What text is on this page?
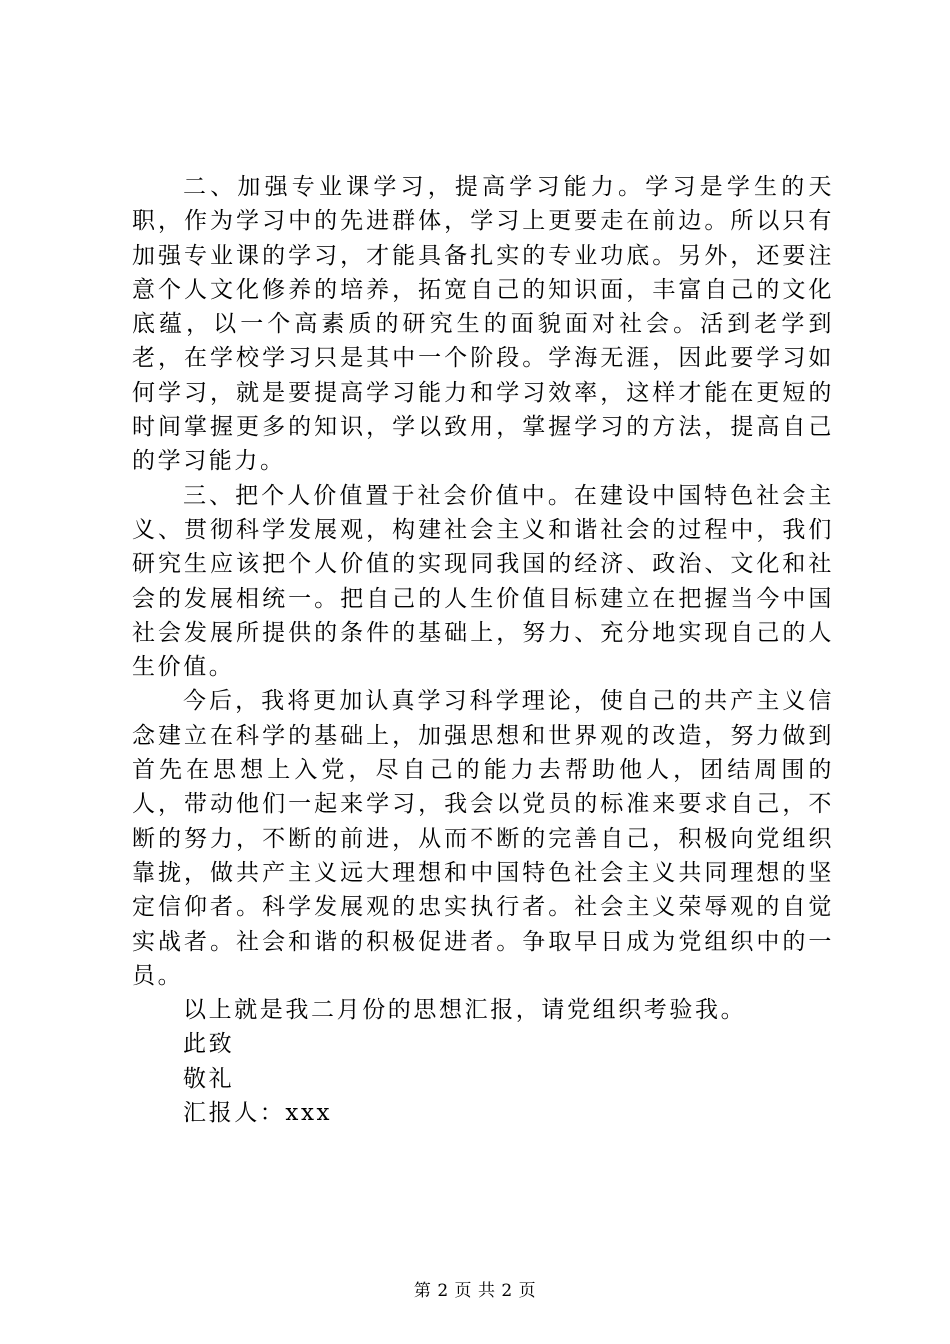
二、加强专业课学习，提高学习能力。学习是学生的天职，作为学习中的先进群体，学习上更要走在前边。所以只有加强专业课的学习，才能具备扎实的专业功底。另外，还要注意个人文化修养的培养，拓宽自己的知识面，丰富自己的文化底蕴，以一个高素质的研究生的面貌面对社会。活到老学到老，在学校学习只是其中一个阶段。学海无涯，因此要学习如何学习，就是要提高学习能力和学习效率，这样才能在更短的时间掌握更多的知识，学以致用，掌握学习的方法，提高自己的学习能力。

三、把个人价值置于社会价值中。在建设中国特色社会主义、贯彻科学发展观，构建社会主义和谐社会的过程中，我们研究生应该把个人价值的实现同我国的经济、政治、文化和社会的发展相统一。把自己的人生价值目标建立在把握当今中国社会发展所提供的条件的基础上，努力、充分地实现自己的人生价值。

今后，我将更加认真学习科学理论，使自己的共产主义信念建立在科学的基础上，加强思想和世界观的改造，努力做到首先在思想上入党，尽自己的能力去帮助他人，团结周围的人，带动他们一起来学习，我会以党员的标准来要求自己，不断的努力，不断的前进，从而不断的完善自己，积极向党组织靠拢，做共产主义远大理想和中国特色社会主义共同理想的坚定信仰者。科学发展观的忠实执行者。社会主义荣辱观的自觉实战者。社会和谐的积极促进者。争取早日成为党组织中的一员。

以上就是我二月份的思想汇报，请党组织考验我。

此致

敬礼

汇报人：xxx

第 2 页 共 2 页
